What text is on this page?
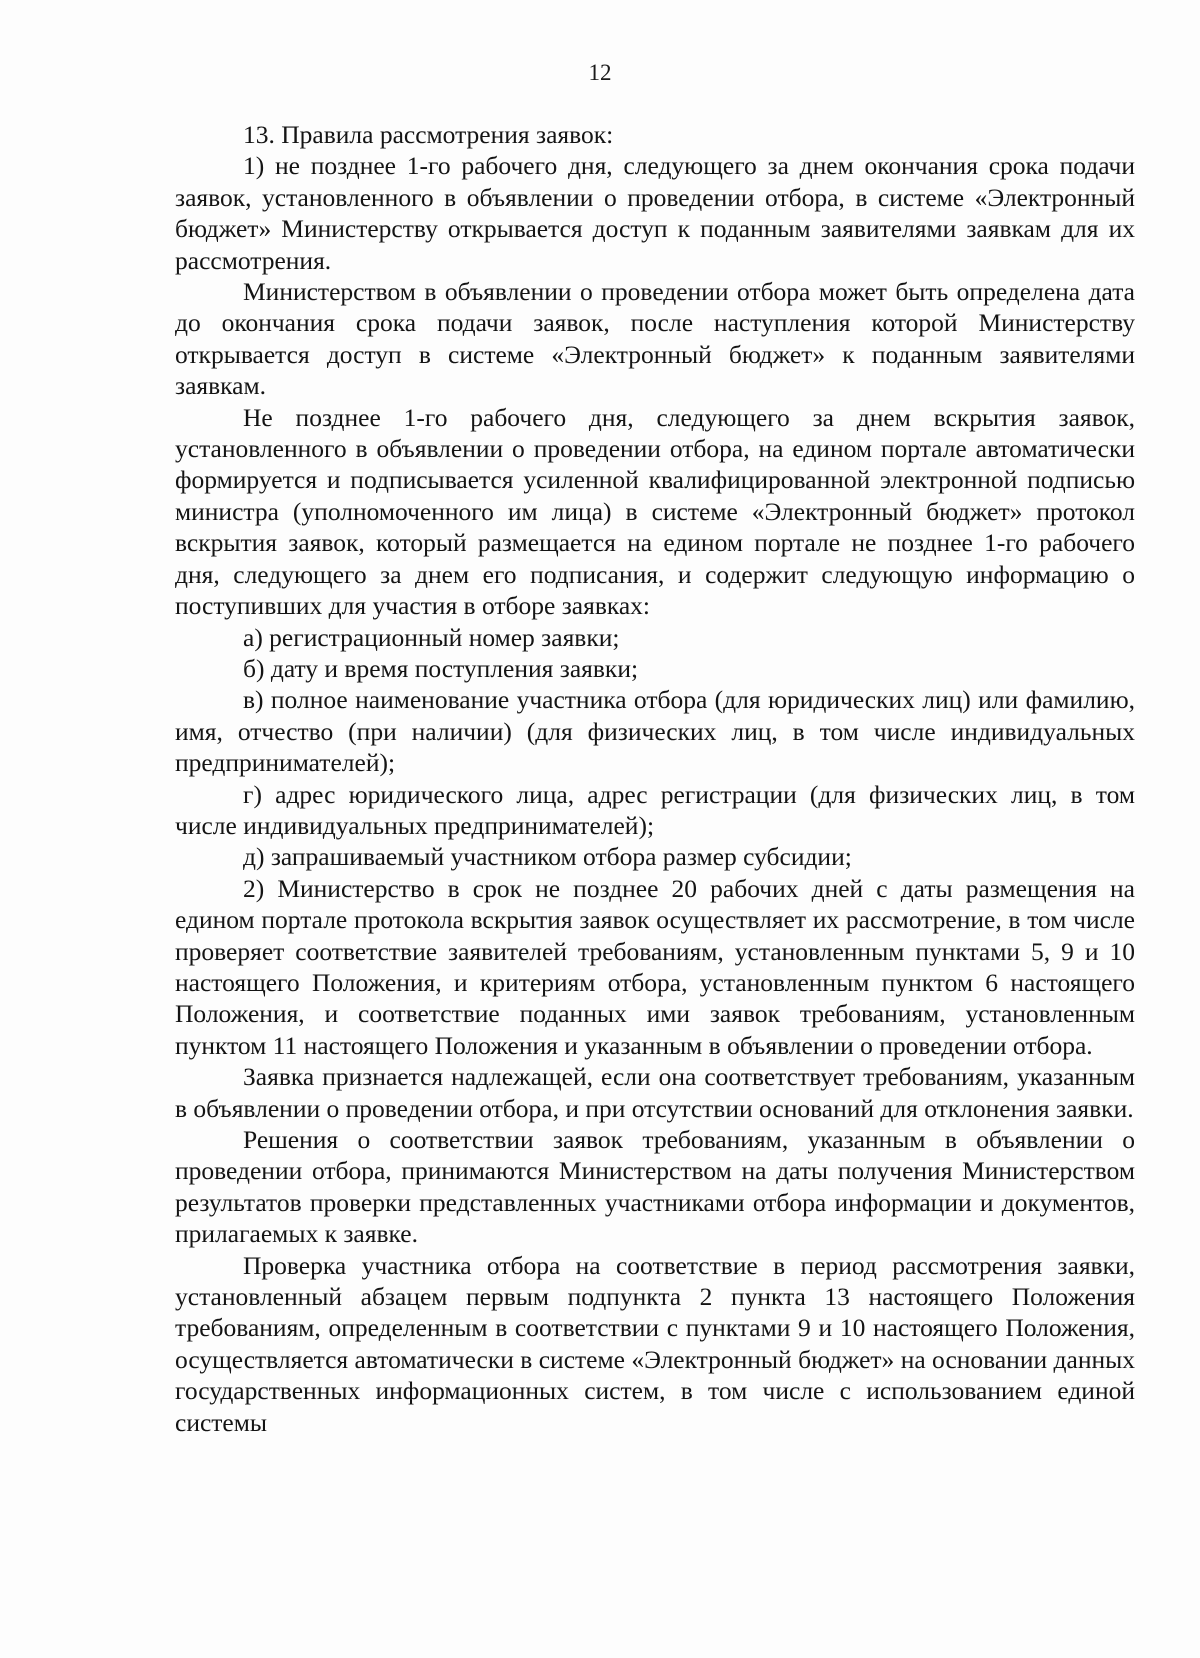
12

13. Правила рассмотрения заявок:

1) не позднее 1-го рабочего дня, следующего за днем окончания срока подачи заявок, установленного в объявлении о проведении отбора, в системе «Электронный бюджет» Министерству открывается доступ к поданным заявителями заявкам для их рассмотрения.

Министерством в объявлении о проведении отбора может быть определена дата до окончания срока подачи заявок, после наступления которой Министерству открывается доступ в системе «Электронный бюджет» к поданным заявителями заявкам.

Не позднее 1-го рабочего дня, следующего за днем вскрытия заявок, установленного в объявлении о проведении отбора, на едином портале автоматически формируется и подписывается усиленной квалифицированной электронной подписью министра (уполномоченного им лица) в системе «Электронный бюджет» протокол вскрытия заявок, который размещается на едином портале не позднее 1-го рабочего дня, следующего за днем его подписания, и содержит следующую информацию о поступивших для участия в отборе заявках:

а) регистрационный номер заявки;

б) дату и время поступления заявки;

в) полное наименование участника отбора (для юридических лиц) или фамилию, имя, отчество (при наличии) (для физических лиц, в том числе индивидуальных предпринимателей);

г) адрес юридического лица, адрес регистрации (для физических лиц, в том числе индивидуальных предпринимателей);

д) запрашиваемый участником отбора размер субсидии;

2) Министерство в срок не позднее 20 рабочих дней с даты размещения на едином портале протокола вскрытия заявок осуществляет их рассмотрение, в том числе проверяет соответствие заявителей требованиям, установленным пунктами 5, 9 и 10 настоящего Положения, и критериям отбора, установленным пунктом 6 настоящего Положения, и соответствие поданных ими заявок требованиям, установленным пунктом 11 настоящего Положения и указанным в объявлении о проведении отбора.

Заявка признается надлежащей, если она соответствует требованиям, указанным в объявлении о проведении отбора, и при отсутствии оснований для отклонения заявки.

Решения о соответствии заявок требованиям, указанным в объявлении о проведении отбора, принимаются Министерством на даты получения Министерством результатов проверки представленных участниками отбора информации и документов, прилагаемых к заявке.

Проверка участника отбора на соответствие в период рассмотрения заявки, установленный абзацем первым подпункта 2 пункта 13 настоящего Положения требованиям, определенным в соответствии с пунктами 9 и 10 настоящего Положения, осуществляется автоматически в системе «Электронный бюджет» на основании данных государственных информационных систем, в том числе с использованием единой системы
